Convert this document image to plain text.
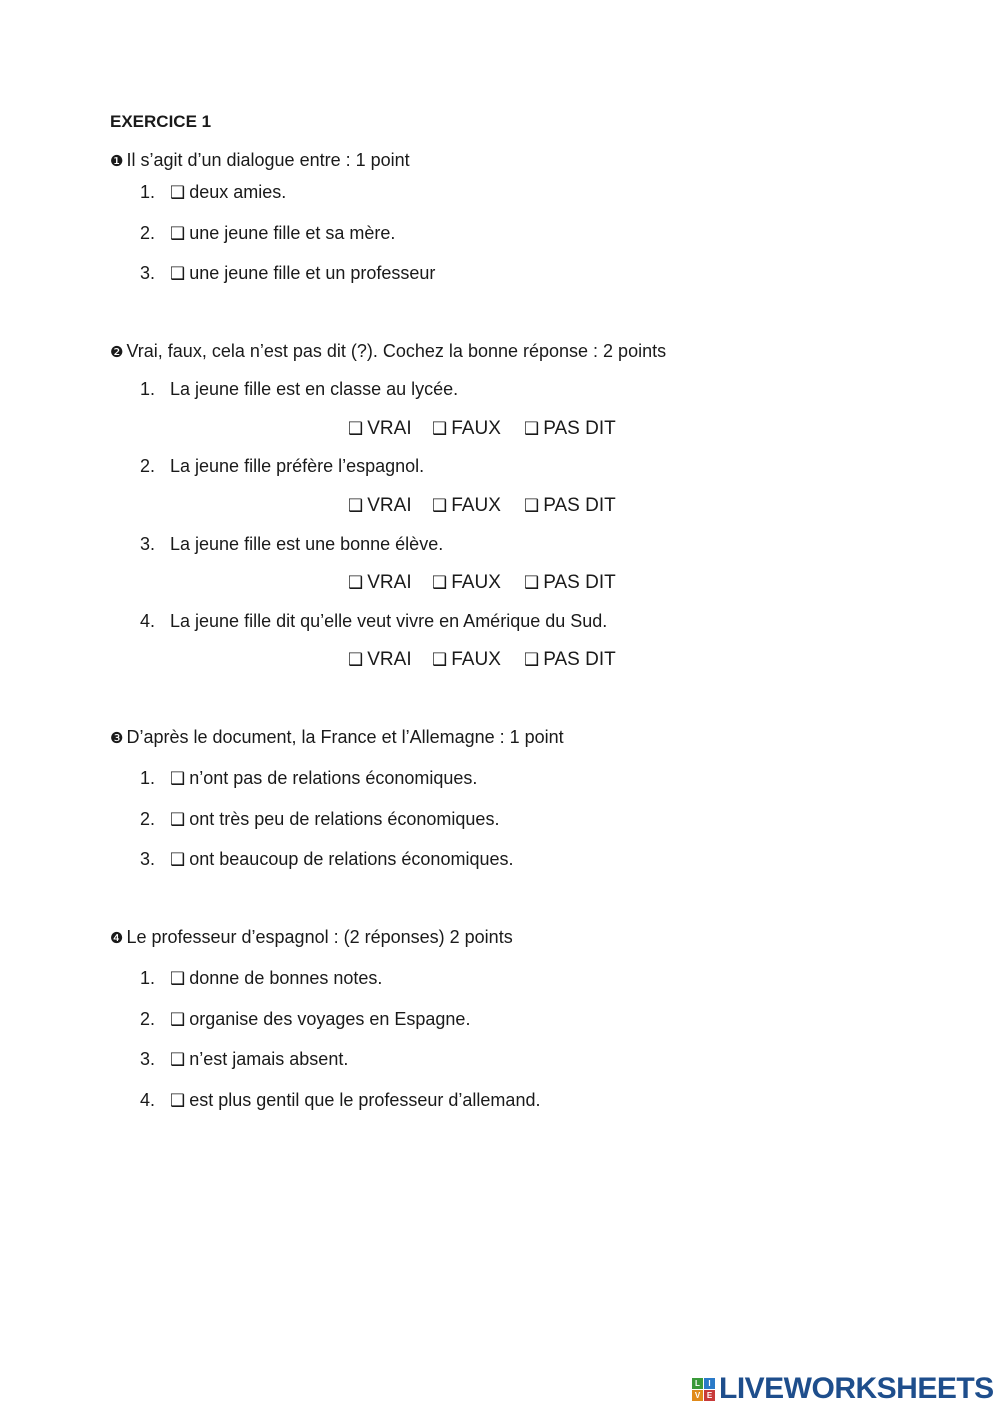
EXERCICE 1
❶ Il s’agit d’un dialogue entre : 1 point
1. ❑ deux amies.
2. ❑ une jeune fille et sa mère.
3. ❑ une jeune fille et un professeur
❷ Vrai, faux, cela n’est pas dit (?). Cochez la bonne réponse : 2 points
1. La jeune fille est en classe au lycée.
❑ VRAI ❑ FAUX ❑ PAS DIT
2. La jeune fille préfère l’espagnol.
❑ VRAI ❑ FAUX ❑ PAS DIT
3. La jeune fille est une bonne élève.
❑ VRAI ❑ FAUX ❑ PAS DIT
4. La jeune fille dit qu’elle veut vivre en Amérique du Sud.
❑ VRAI ❑ FAUX ❑ PAS DIT
❸ D’après le document, la France et l’Allemagne : 1 point
1. ❑ n’ont pas de relations économiques.
2. ❑ ont très peu de relations économiques.
3. ❑ ont beaucoup de relations économiques.
❹ Le professeur d’espagnol : (2 réponses) 2 points
1. ❑ donne de bonnes notes.
2. ❑ organise des voyages en Espagne.
3. ❑ n’est jamais absent.
4. ❑ est plus gentil que le professeur d’allemand.
L	I
V E LIVEWORKSHEETS
